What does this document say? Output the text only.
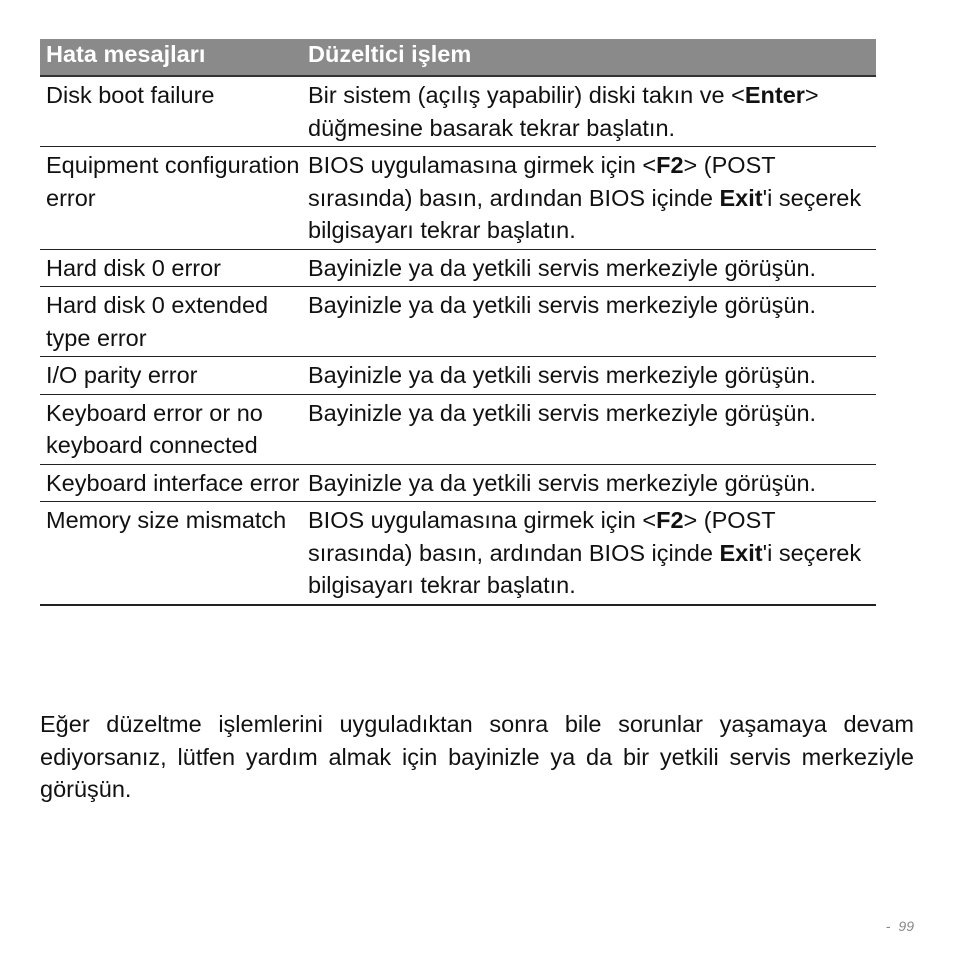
Hata mesajları	Düzeltici işlem
Disk boot failure	Bir sistem (açılış yapabilir) diski takın ve <Enter> düğmesine basarak tekrar başlatın.
Equipment configuration error	BIOS uygulamasına girmek için <F2> (POST sırasında) basın, ardından BIOS içinde Exit'i seçerek bilgisayarı tekrar başlatın.
Hard disk 0 error	Bayinizle ya da yetkili servis merkeziyle görüşün.
Hard disk 0 extended type error	Bayinizle ya da yetkili servis merkeziyle görüşün.
I/O parity error	Bayinizle ya da yetkili servis merkeziyle görüşün.
Keyboard error or no keyboard connected	Bayinizle ya da yetkili servis merkeziyle görüşün.
Keyboard interface error	Bayinizle ya da yetkili servis merkeziyle görüşün.
Memory size mismatch	BIOS uygulamasına girmek için <F2> (POST sırasında) basın, ardından BIOS içinde Exit'i seçerek bilgisayarı tekrar başlatın.

Eğer düzeltme işlemlerini uyguladıktan sonra bile sorunlar yaşamaya devam ediyorsanız, lütfen yardım almak için bayinizle ya da bir yetkili servis merkeziyle görüşün.

- 99
